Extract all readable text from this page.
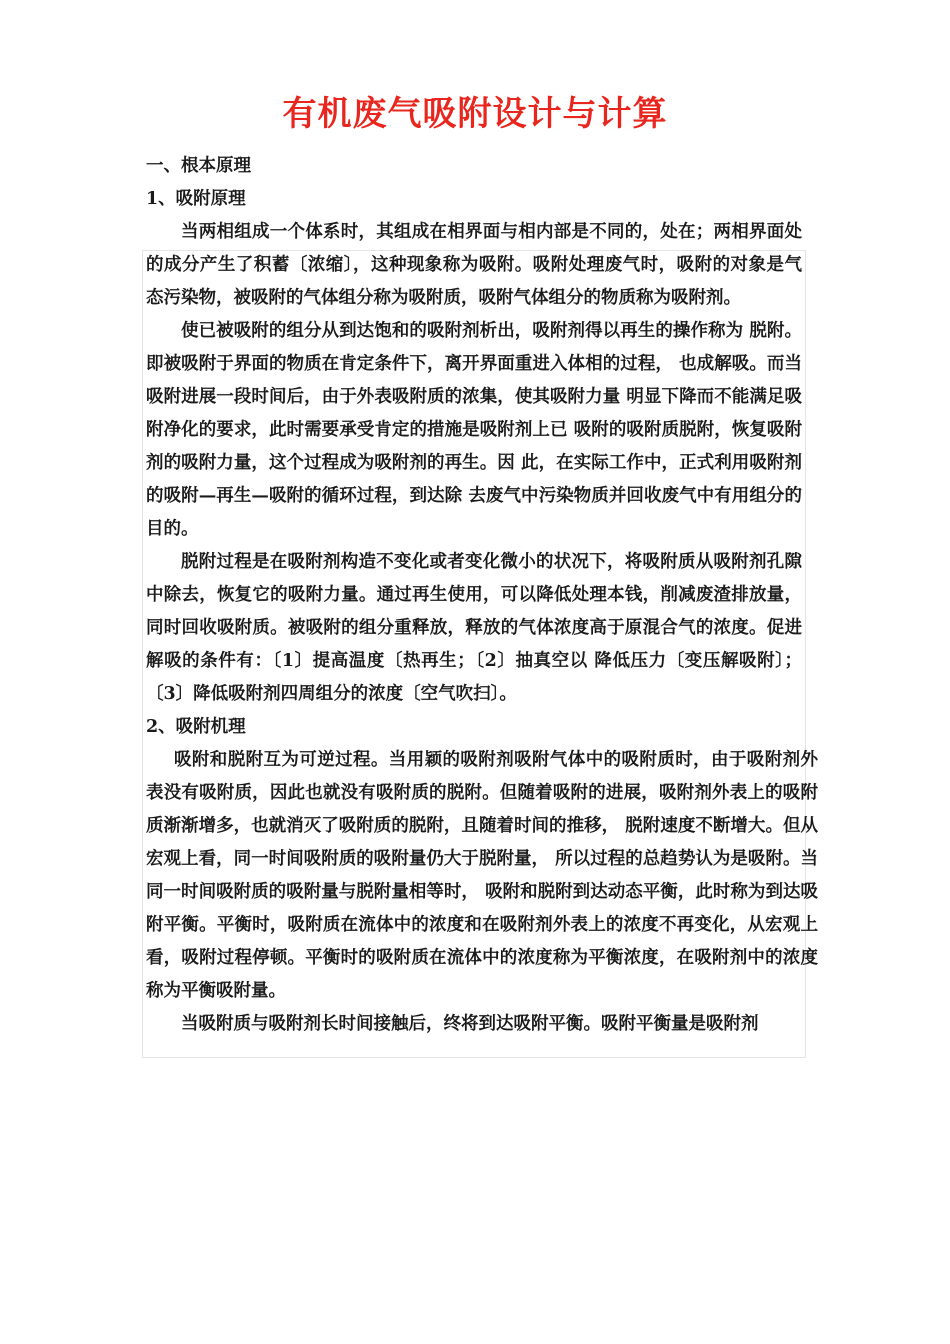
有机废气吸附设计与计算

一、根本原理

1、吸附原理

当两相组成一个体系时，其组成在相界面与相内部是不同的，处在；两相界面处的成分产生了积蓄〔浓缩〕，这种现象称为吸附。吸附处理废气时，吸附的对象是气态污染物，被吸附的气体组分称为吸附质，吸附气体组分的物质称为吸附剂。

使已被吸附的组分从到达饱和的吸附剂析出，吸附剂得以再生的操作称为 脱附。即被吸附于界面的物质在肯定条件下，离开界面重进入体相的过程， 也成解吸。而当吸附进展一段时间后，由于外表吸附质的浓集，使其吸附力量 明显下降而不能满足吸附净化的要求，此时需要承受肯定的措施是吸附剂上已 吸附的吸附质脱附，恢复吸附剂的吸附力量，这个过程成为吸附剂的再生。因 此，在实际工作中，正式利用吸附剂的吸附—再生—吸附的循环过程，到达除 去废气中污染物质并回收废气中有用组分的目的。

脱附过程是在吸附剂构造不变化或者变化微小的状况下，将吸附质从吸附剂孔隙中除去，恢复它的吸附力量。通过再生使用，可以降低处理本钱，削减废渣排放量，同时回收吸附质。被吸附的组分重释放，释放的气体浓度高于原混合气的浓度。促进解吸的条件有：〔1〕提高温度〔热再生；〔2〕抽真空以 降低压力〔变压解吸附〕；〔3〕降低吸附剂四周组分的浓度〔空气吹扫〕。

2、吸附机理

吸附和脱附互为可逆过程。当用颖的吸附剂吸附气体中的吸附质时，由于吸附剂外表没有吸附质，因此也就没有吸附质的脱附。但随着吸附的进展，吸附剂外表上的吸附质渐渐增多，也就消灭了吸附质的脱附，且随着时间的推移， 脱附速度不断增大。但从宏观上看，同一时间吸附质的吸附量仍大于脱附量， 所以过程的总趋势认为是吸附。当同一时间吸附质的吸附量与脱附量相等时， 吸附和脱附到达动态平衡，此时称为到达吸附平衡。平衡时，吸附质在流体中的浓度和在吸附剂外表上的浓度不再变化，从宏观上看，吸附过程停顿。平衡时的吸附质在流体中的浓度称为平衡浓度，在吸附剂中的浓度称为平衡吸附量。

当吸附质与吸附剂长时间接触后，终将到达吸附平衡。吸附平衡量是吸附剂
